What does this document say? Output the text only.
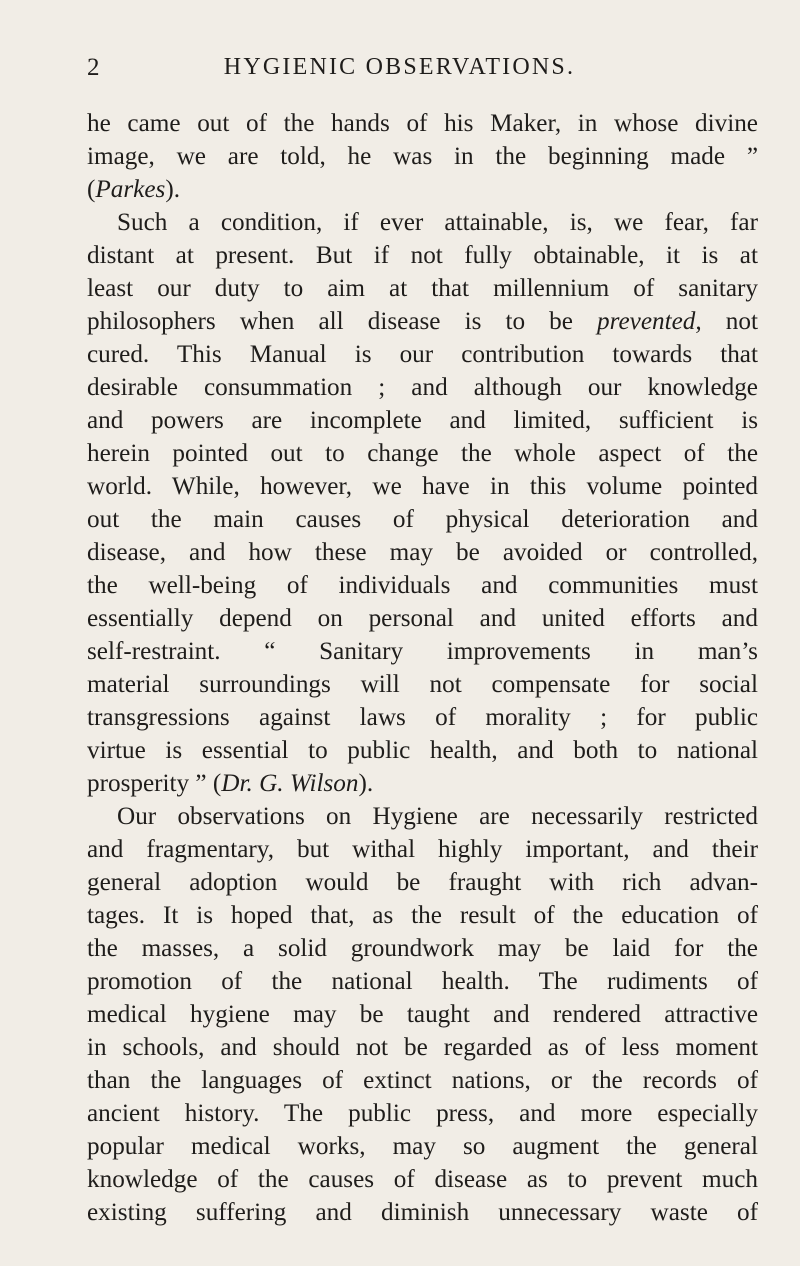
2	HYGIENIC OBSERVATIONS.
he came out of the hands of his Maker, in whose divine
image, we are told, he was in the beginning made ”
(Parkes).
Such a condition, if ever attainable, is, we fear, far
distant at present. But if not fully obtainable, it is at
least our duty to aim at that millennium of sanitary
philosophers when all disease is to be prevented, not
cured. This Manual is our contribution towards that
desirable consummation ; and although our knowledge
and powers are incomplete and limited, sufficient is
herein pointed out to change the whole aspect of the
world. While, however, we have in this volume pointed
out the main causes of physical deterioration and
disease, and how these may be avoided or controlled,
the well-being of individuals and communities must
essentially depend on personal and united efforts and
self-restraint. “ Sanitary improvements in man’s
material surroundings will not compensate for social
transgressions against laws of morality ; for public
virtue is essential to public health, and both to national
prosperity ” (Dr. G. Wilson).
Our observations on Hygiene are necessarily restricted
and fragmentary, but withal highly important, and their
general adoption would be fraught with rich advan-
tages. It is hoped that, as the result of the education of
the masses, a solid groundwork may be laid for the
promotion of the national health. The rudiments of
medical hygiene may be taught and rendered attractive
in schools, and should not be regarded as of less moment
than the languages of extinct nations, or the records of
ancient history. The public press, and more especially
popular medical works, may so augment the general
knowledge of the causes of disease as to prevent much
existing suffering and diminish unnecessary waste of
